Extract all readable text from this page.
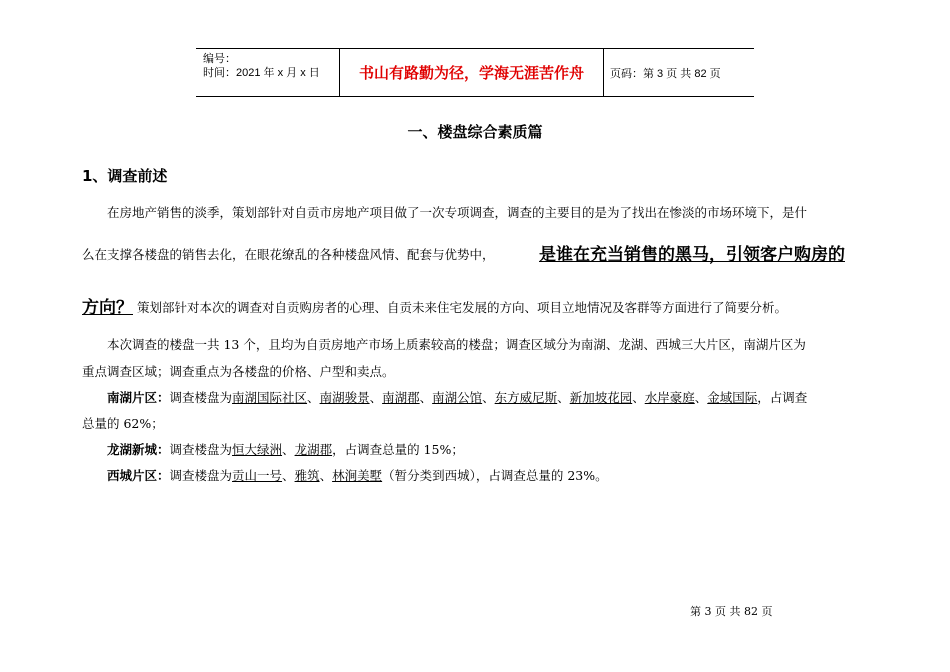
编号：
时间：2021 年 x 月 x 日	书山有路勤为径，学海无涯苦作舟	页码：第 3 页 共 82 页
一、楼盘综合素质篇
1、调查前述
在房地产销售的淡季，策划部针对自贡市房地产项目做了一次专项调查，调查的主要目的是为了找出在惨淡的市场环境下，是什
么在支撑各楼盘的销售去化，在眼花缭乱的各种楼盘风情、配套与优势中，	是谁在充当销售的黑马，引领客户购房的
方向？ 策划部针对本次的调查对自贡购房者的心理、自贡未来住宅发展的方向、项目立地情况及客群等方面进行了简要分析。
本次调查的楼盘一共 13 个，且均为自贡房地产市场上质素较高的楼盘；调查区域分为南湖、龙湖、西城三大片区，南湖片区为
重点调查区域；调查重点为各楼盘的价格、户型和卖点。
南湖片区：调查楼盘为南湖国际社区、南湖骏景、南湖郡、南湖公馆、东方威尼斯、新加坡花园、水岸豪庭、金域国际，占调查
总量的 62%；
龙湖新城：调查楼盘为恒大绿洲、龙湖郡，占调查总量的 15%；
西城片区：调查楼盘为贡山一号、雅筑、林涧美墅（暂分类到西城），占调查总量的 23%。
第 3 页 共 82 页
